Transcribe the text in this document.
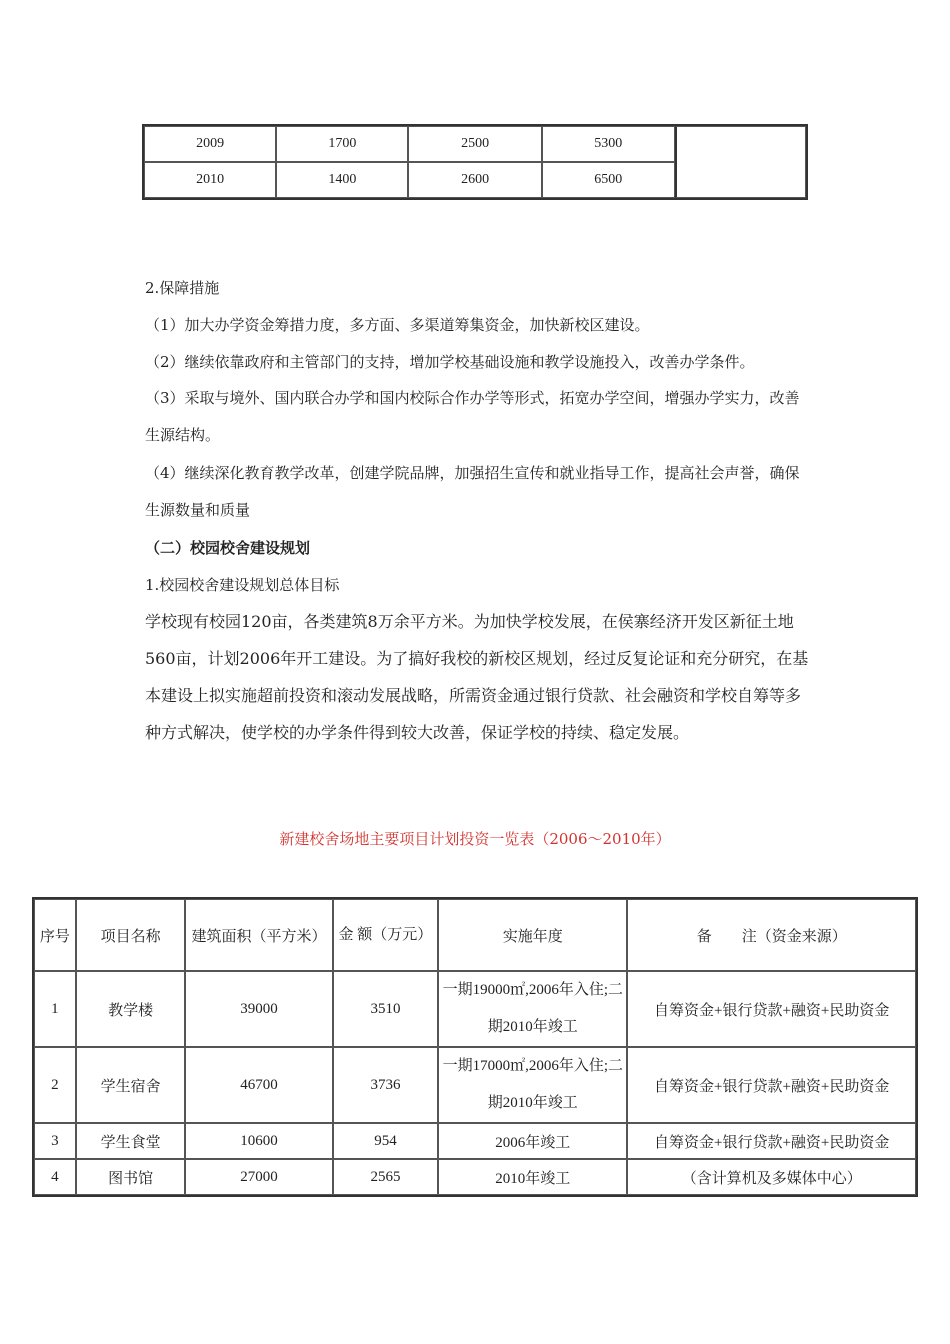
2009	1700	2500	5300	
2010	1400	2600	6500	
2.保障措施
（1）加大办学资金筹措力度，多方面、多渠道筹集资金，加快新校区建设。
（2）继续依靠政府和主管部门的支持，增加学校基础设施和教学设施投入，改善办学条件。
（3）采取与境外、国内联合办学和国内校际合作办学等形式，拓宽办学空间，增强办学实力，改善生源结构。
（4）继续深化教育教学改革，创建学院品牌，加强招生宣传和就业指导工作，提高社会声誉，确保生源数量和质量
（二）校园校舍建设规划
1.校园校舍建设规划总体目标
学校现有校园120亩，各类建筑8万余平方米。为加快学校发展，在侯寨经济开发区新征土地560亩，计划2006年开工建设。为了搞好我校的新校区规划，经过反复论证和充分研究，在基本建设上拟实施超前投资和滚动发展战略，所需资金通过银行贷款、社会融资和学校自筹等多种方式解决，使学校的办学条件得到较大改善，保证学校的持续、稳定发展。
新建校舍场地主要项目计划投资一览表（2006～2010年）
序号	项目名称	建筑面积（平方米）	金 额（万元）	实施年度	备　　注（资金来源）
1	教学楼	39000	3510	一期19000㎡,2006年入住;二期2010年竣工	自筹资金+银行贷款+融资+民助资金
2	学生宿舍	46700	3736	一期17000㎡,2006年入住;二期2010年竣工	自筹资金+银行贷款+融资+民助资金
3	学生食堂	10600	954	2006年竣工	自筹资金+银行贷款+融资+民助资金
4	图书馆	27000	2565	2010年竣工	（含计算机及多媒体中心）
